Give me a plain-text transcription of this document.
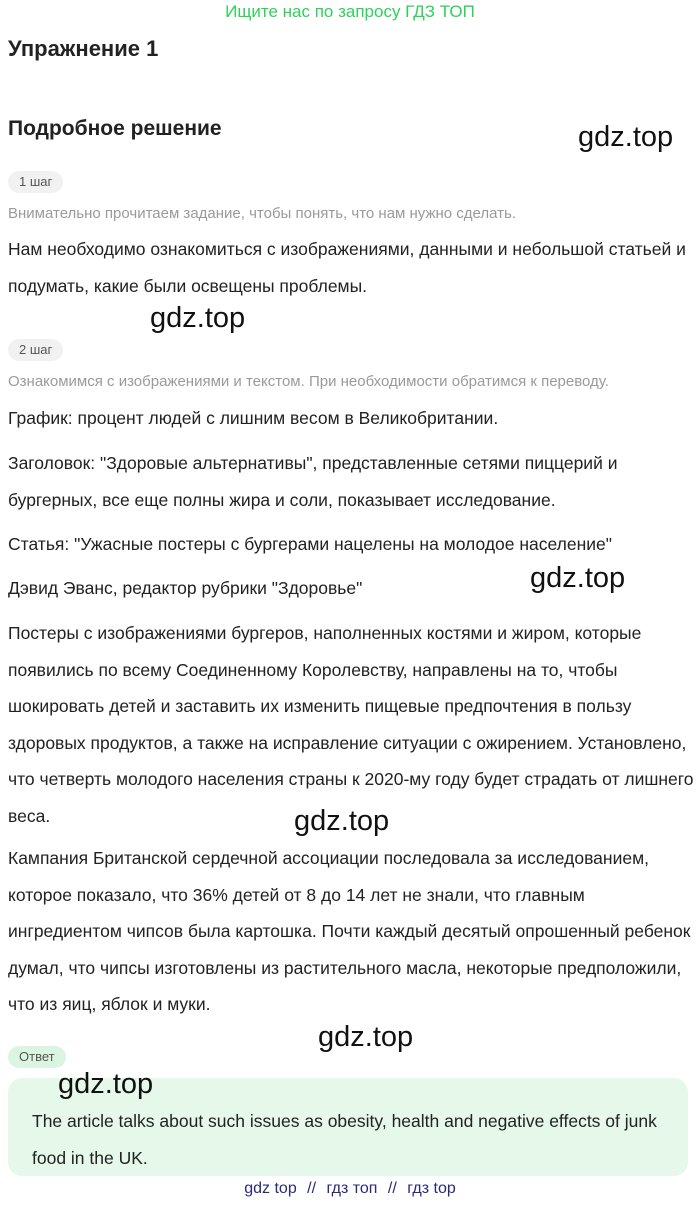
Ищите нас по запросу ГДЗ ТОП
Упражнение 1
Подробное решение	gdz.top
gdz.top
gdz.top
gdz.top
gdz.top
1 шаг
Внимательно прочитаем задание, чтобы понять, что нам нужно сделать.
Нам необходимо ознакомиться с изображениями, данными и небольшой статьей и подумать, какие были освещены проблемы.
2 шаг
Ознакомимся с изображениями и текстом. При необходимости обратимся к переводу.
График: процент людей с лишним весом в Великобритании.
Заголовок: "Здоровые альтернативы", представленные сетями пиццерий и бургерных, все еще полны жира и соли, показывает исследование.
Статья: "Ужасные постеры с бургерами нацелены на молодое население"
Дэвид Эванс, редактор рубрики "Здоровье"
Постеры с изображениями бургеров, наполненных костями и жиром, которые появились по всему Соединенному Королевству, направлены на то, чтобы шокировать детей и заставить их изменить пищевые предпочтения в пользу здоровых продуктов, а также на исправление ситуации с ожирением. Установлено, что четверть молодого населения страны к 2020-му году будет страдать от лишнего веса.
Кампания Британской сердечной ассоциации последовала за исследованием, которое показало, что 36% детей от 8 до 14 лет не знали, что главным ингредиентом чипсов была картошка. Почти каждый десятый опрошенный ребенок думал, что чипсы изготовлены из растительного масла, некоторые предположили, что из яиц, яблок и муки.
Ответ
The article talks about such issues as obesity, health and negative effects of junk food in the UK.
gdz.top
gdz top // гдз топ // гдз top
